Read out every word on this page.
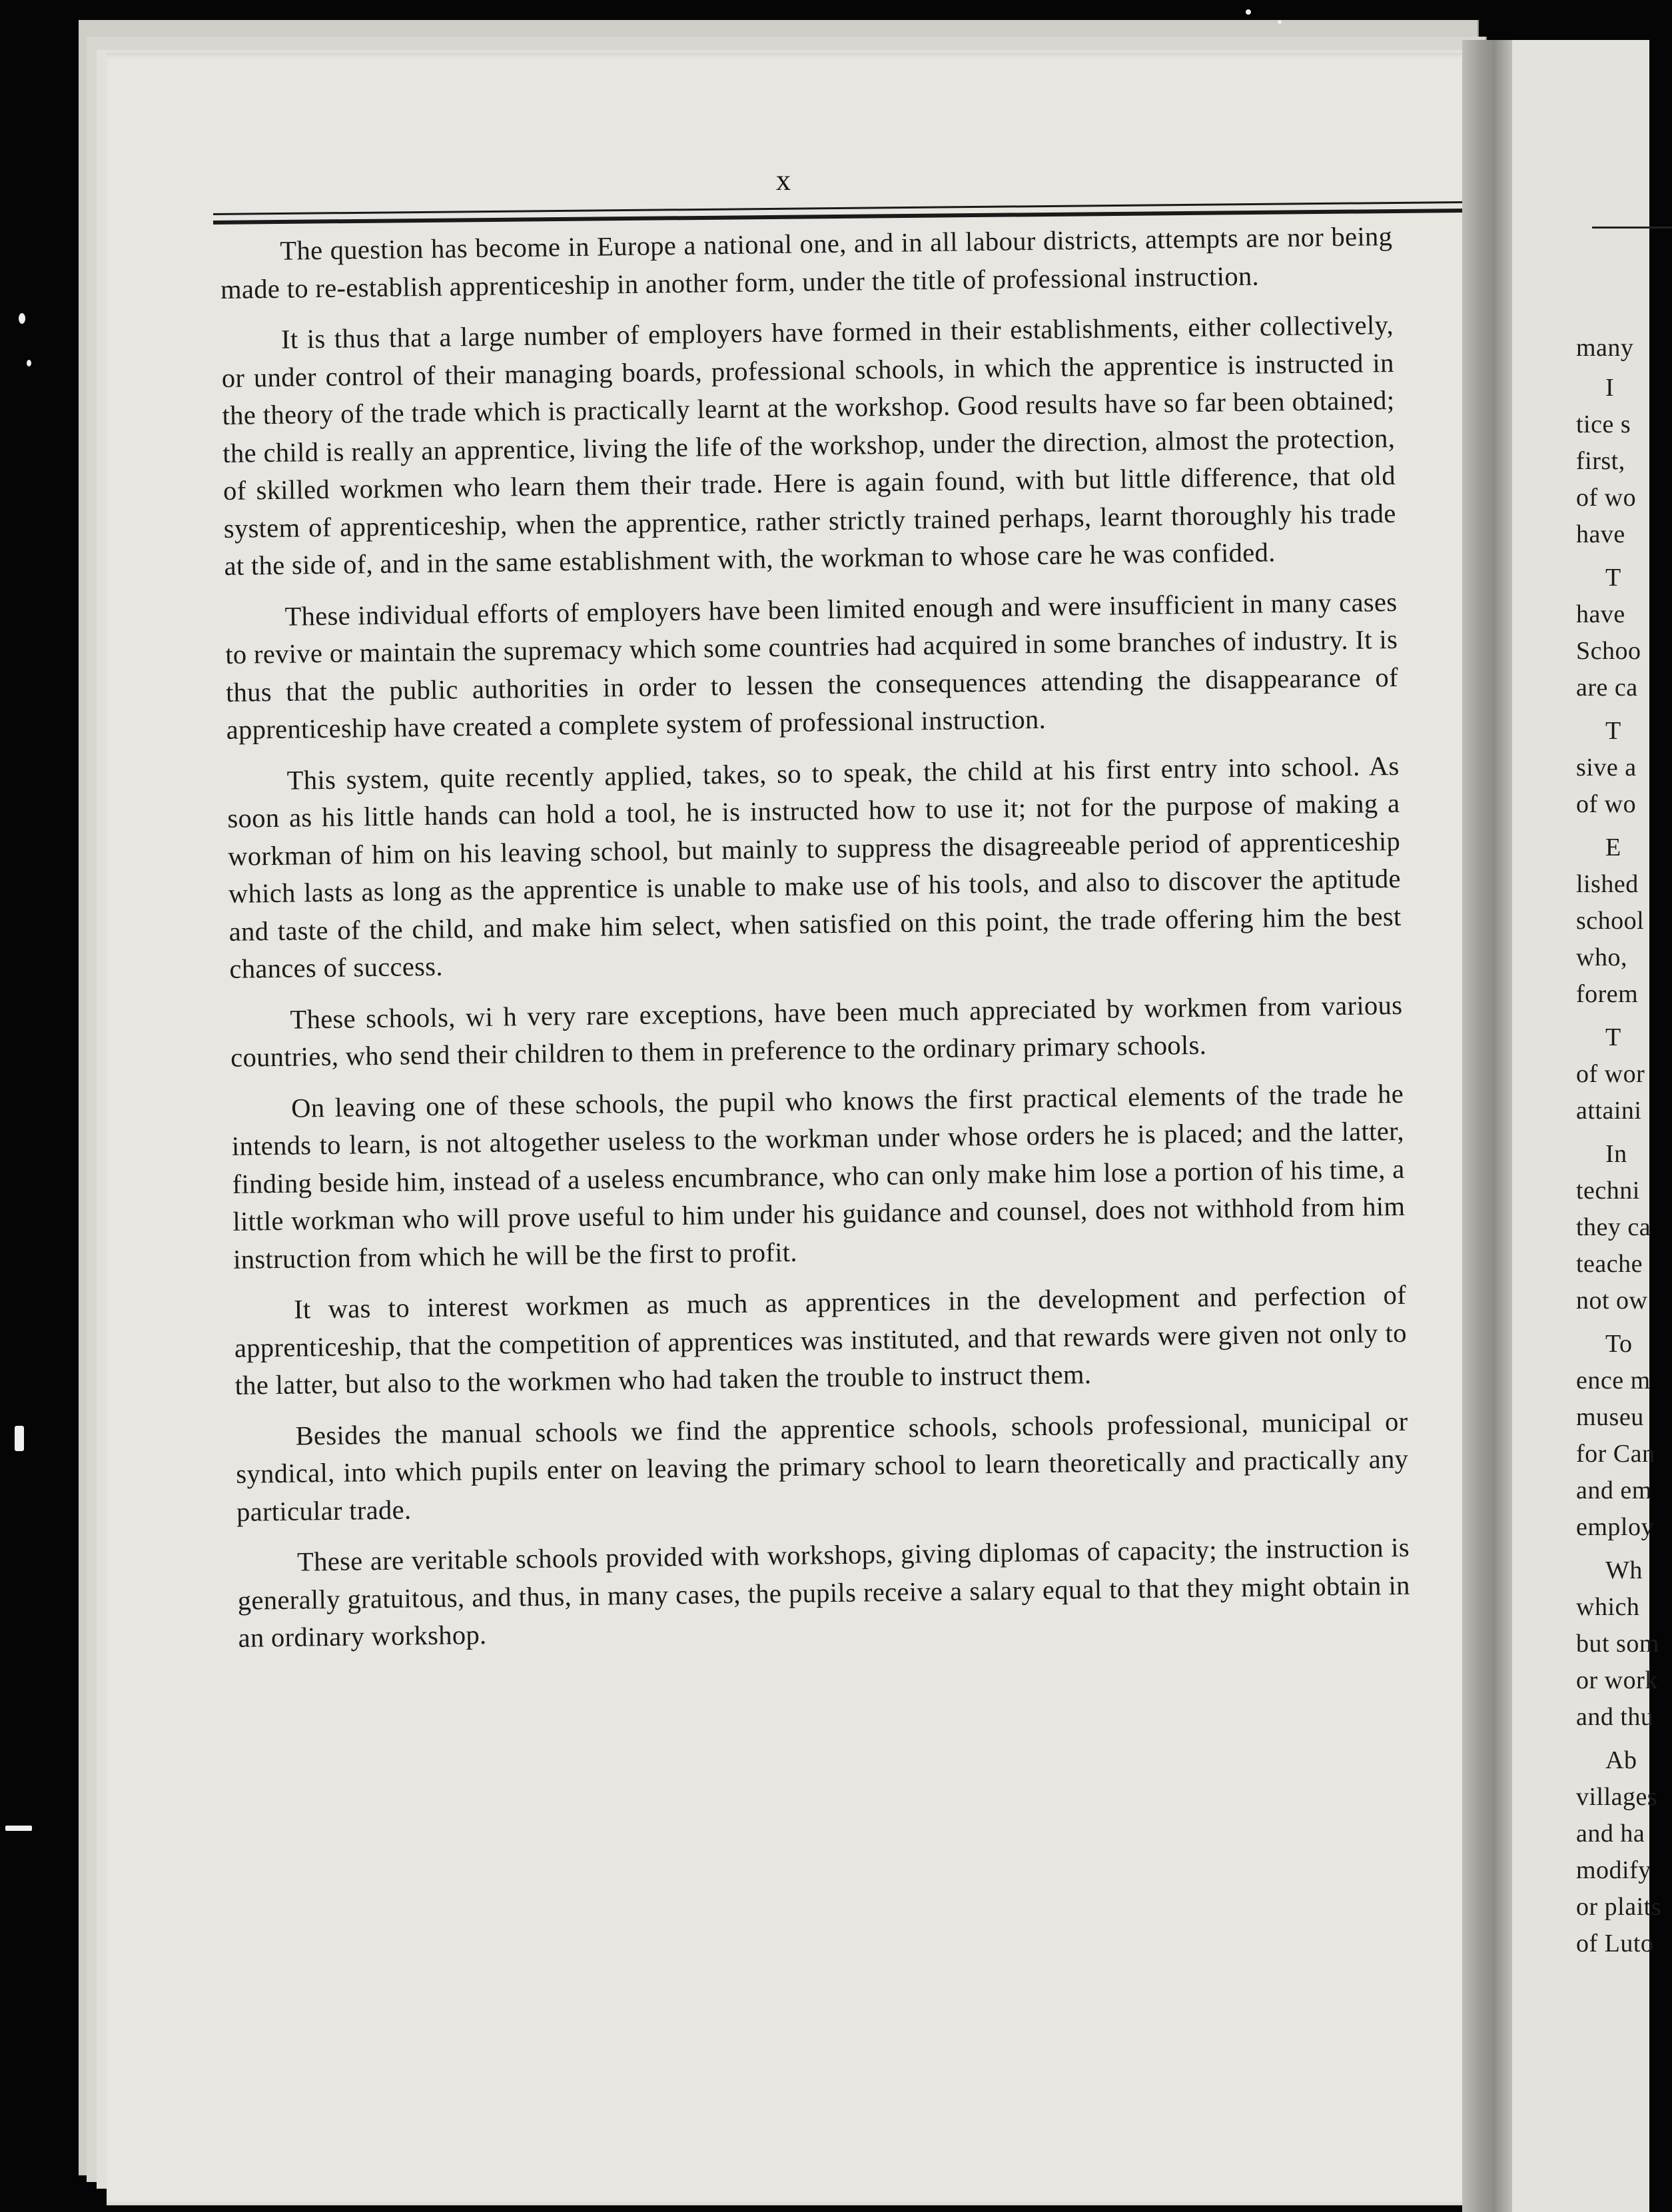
x

The question has become in Europe a national one, and in all labour districts, attempts are nor being made to re-establish apprenticeship in another form, under the title of professional instruction.

It is thus that a large number of employers have formed in their establishments, either collectively, or under control of their managing boards, professional schools, in which the apprentice is instructed in the theory of the trade which is practically learnt at the workshop. Good results have so far been obtained; the child is really an apprentice, living the life of the workshop, under the direction, almost the protection, of skilled workmen who learn them their trade. Here is again found, with but little difference, that old system of apprenticeship, when the apprentice, rather strictly trained perhaps, learnt thoroughly his trade at the side of, and in the same establishment with, the workman to whose care he was confided.

These individual efforts of employers have been limited enough and were insufficient in many cases to revive or maintain the supremacy which some countries had acquired in some branches of industry. It is thus that the public authorities in order to lessen the consequences attending the disappearance of apprenticeship have created a complete system of professional instruction.

This system, quite recently applied, takes, so to speak, the child at his first entry into school. As soon as his little hands can hold a tool, he is instructed how to use it; not for the purpose of making a workman of him on his leaving school, but mainly to suppress the disagreeable period of apprenticeship which lasts as long as the apprentice is unable to make use of his tools, and also to discover the aptitude and taste of the child, and make him select, when satisfied on this point, the trade offering him the best chances of success.

These schools, wi h very rare exceptions, have been much appreciated by workmen from various countries, who send their children to them in preference to the ordinary primary schools.

On leaving one of these schools, the pupil who knows the first practical elements of the trade he intends to learn, is not altogether useless to the workman under whose orders he is placed; and the latter, finding beside him, instead of a useless encumbrance, who can only make him lose a portion of his time, a little workman who will prove useful to him under his guidance and counsel, does not withhold from him instruction from which he will be the first to profit.

It was to interest workmen as much as apprentices in the development and perfection of apprenticeship, that the competition of apprentices was instituted, and that rewards were given not only to the latter, but also to the workmen who had taken the trouble to instruct them.

Besides the manual schools we find the apprentice schools, schools professional, municipal or syndical, into which pupils enter on leaving the primary school to learn theoretically and practically any particular trade.

These are veritable schools provided with workshops, giving diplomas of capacity; the instruction is generally gratuitous, and thus, in many cases, the pupils receive a salary equal to that they might obtain in an ordinary workshop.

many
I
tice s
first,
of wo
have
T
have
Schoo
are ca
T
sive a
of wo
E
lished
school
who,
forem
T
of wor
attaini
In
techni
they ca
teache
not ow
To
ence m
museu
for Can
and em
employ
Wh
which
but som
or work
and thu
Ab
villages
and ha
modify
or plaits
of Luto
